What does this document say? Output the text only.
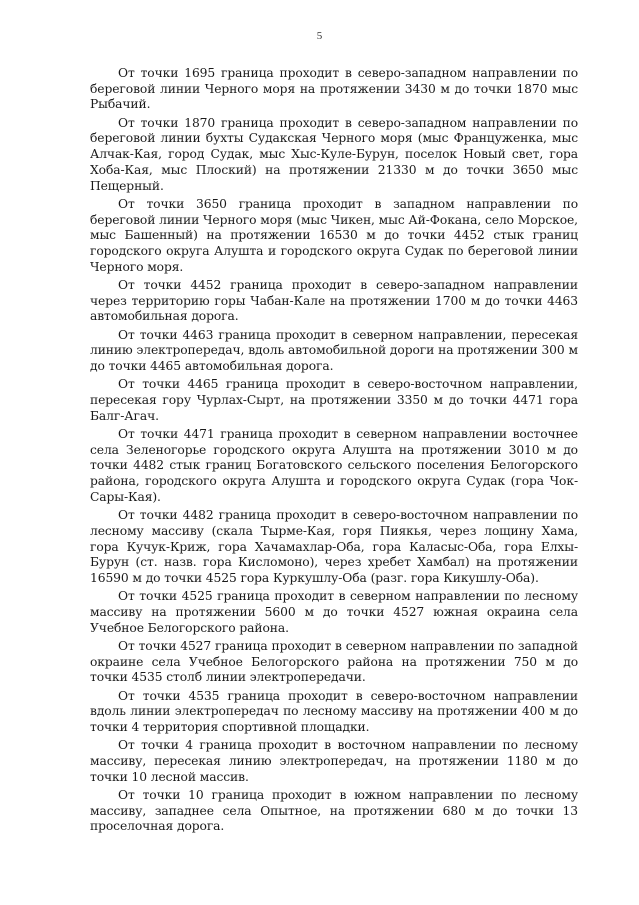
5

От точки 1695 граница проходит в северо-западном направлении по береговой линии Черного моря на протяжении 3430 м до точки 1870 мыс Рыбачий.

От точки 1870 граница проходит в северо-западном направлении по береговой линии бухты Судакская Черного моря (мыс Француженка, мыс Алчак-Кая, город Судак, мыс Хыс-Куле-Бурун, поселок Новый свет, гора Хоба-Кая, мыс Плоский) на протяжении 21330 м до точки 3650 мыс Пещерный.

От точки 3650 граница проходит в западном направлении по береговой линии Черного моря (мыс Чикен, мыс Ай-Фокана, село Морское, мыс Башенный) на протяжении 16530 м до точки 4452 стык границ городского округа Алушта и городского округа Судак по береговой линии Черного моря.

От точки 4452 граница проходит в северо-западном направлении через территорию горы Чабан-Кале на протяжении 1700 м до точки 4463 автомобильная дорога.

От точки 4463 граница проходит в северном направлении, пересекая линию электропередач, вдоль автомобильной дороги на протяжении 300 м до точки 4465 автомобильная дорога.

От точки 4465 граница проходит в северо-восточном направлении, пересекая гору Чурлах-Сырт, на протяжении 3350 м до точки 4471 гора Балг-Агач.

От точки 4471 граница проходит в северном направлении восточнее села Зеленогорье городского округа Алушта на протяжении 3010 м до точки 4482 стык границ Богатовского сельского поселения Белогорского района, городского округа Алушта и городского округа Судак (гора Чок-Сары-Кая).

От точки 4482 граница проходит в северо-восточном направлении по лесному массиву (скала Тырме-Кая, горя Пиякья, через лощину Хама, гора Кучук-Криж, гора Хачамахлар-Оба, гора Каласыс-Оба, гора Елхы-Бурун (ст. назв. гора Кисломоно), через хребет Хамбал) на протяжении 16590 м до точки 4525 гора Куркушлу-Оба (разг. гора Кикушлу-Оба).

От точки 4525 граница проходит в северном направлении по лесному массиву на протяжении 5600 м до точки 4527 южная окраина села Учебное Белогорского района.

От точки 4527 граница проходит в северном направлении по западной окраине села Учебное Белогорского района на протяжении 750 м до точки 4535 столб линии электропередачи.

От точки 4535 граница проходит в северо-восточном направлении вдоль линии электропередач по лесному массиву на протяжении 400 м до точки 4 территория спортивной площадки.

От точки 4 граница проходит в восточном направлении по лесному массиву, пересекая линию электропередач, на протяжении 1180 м до точки 10 лесной массив.

От точки 10 граница проходит в южном направлении по лесному массиву, западнее села Опытное, на протяжении 680 м до точки 13 проселочная дорога.
